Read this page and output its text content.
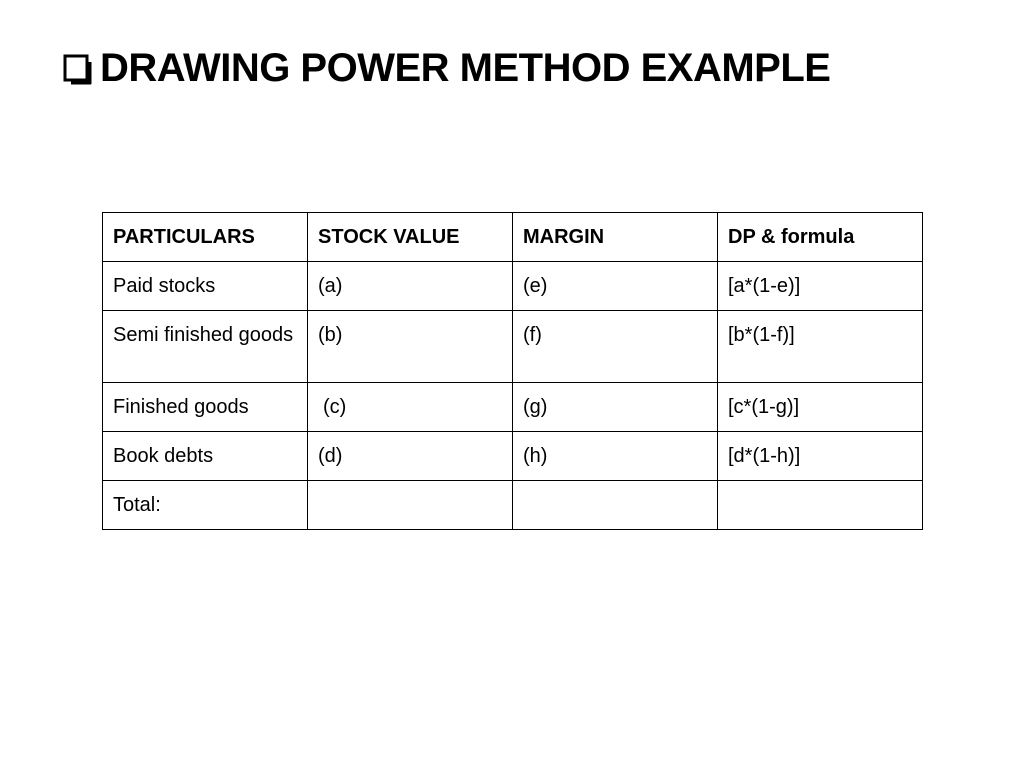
DRAWING POWER METHOD EXAMPLE
PARTICULARS	STOCK VALUE	MARGIN	DP & formula
Paid stocks	(a)	(e)	[a*(1-e)]
Semi finished goods	(b)	(f)	[b*(1-f)]
Finished goods	(c)	(g)	[c*(1-g)]
Book debts	(d)	(h)	[d*(1-h)]
Total:			
